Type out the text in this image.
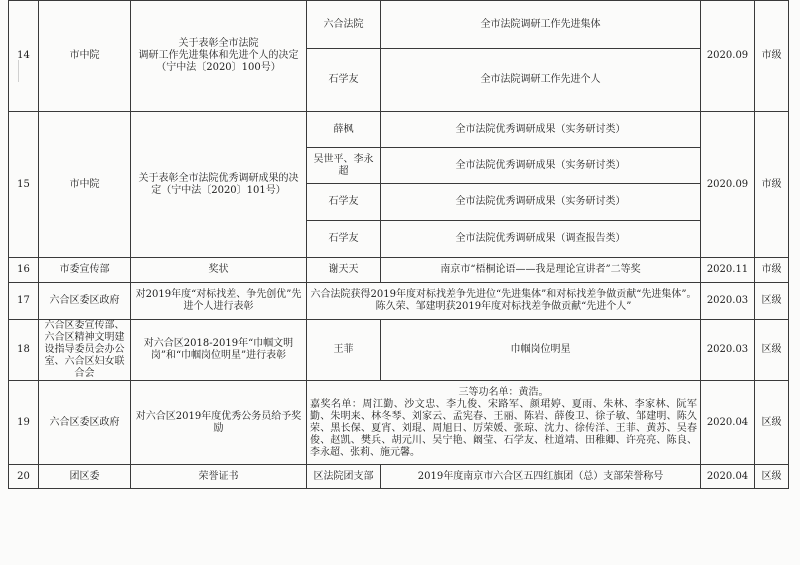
14	市中院	关于表彰全市法院
调研工作先进集体和先进个人的决定
（宁中法〔2020〕100号）	六合法院	全市法院调研工作先进集体	2020.09	市级
			石学友	全市法院调研工作先进个人		
15	市中院	关于表彰全市法院优秀调研成果的决定（宁中法〔2020〕101号）	薛枫	全市法院优秀调研成果（实务研讨类）	2020.09	市级
			吴世平、李永超	全市法院优秀调研成果（实务研讨类）		
			石学友	全市法院优秀调研成果（实务研讨类）		
			石学友	全市法院优秀调研成果（调查报告类）		
16	市委宣传部	奖状	谢天天	南京市“梧桐论语——我是理论宣讲者”二等奖	2020.11	市级
17	六合区委区政府	对2019年度“对标找差、争先创优”先进个人进行表彰	六合法院获得2019年度对标找差争先进位“先进集体”和对标找差争做贡献“先进集体”。陈久荣、邹建明获2019年度对标找差争做贡献“先进个人”		2020.03	区级
18	六合区委宣传部、六合区精神文明建设指导委员会办公室、六合区妇女联合会	对六合区2018-2019年“巾帼文明岗”和“巾帼岗位明星”进行表彰	王菲	巾帼岗位明星	2020.03	区级
19	六合区委区政府	对六合区2019年度优秀公务员给予奖励	三等功名单：黄浩。
嘉奖名单：周江勤、沙文忠、李九俊、宋路军、颜珺婷、夏雨、朱林、李家林、阮军勤、朱明来、林冬琴、刘家云、孟宪春、王丽、陈岩、薛俊卫、徐子敏、邹建明、陈久荣、黑长保、夏宵、刘琨、周旭日、厉荣媛、张琼、沈力、徐传洋、王菲、黄苏、吴春俊、赵凯、樊兵、胡元川、吴宁艳、阚莹、石学友、杜道靖、田稚卿、许亮亮、陈良、李永超、张莉、施元馨。		2020.04	区级
20	团区委	荣誉证书	区法院团支部	2019年度南京市六合区五四红旗团（总）支部荣誉称号	2020.04	区级
